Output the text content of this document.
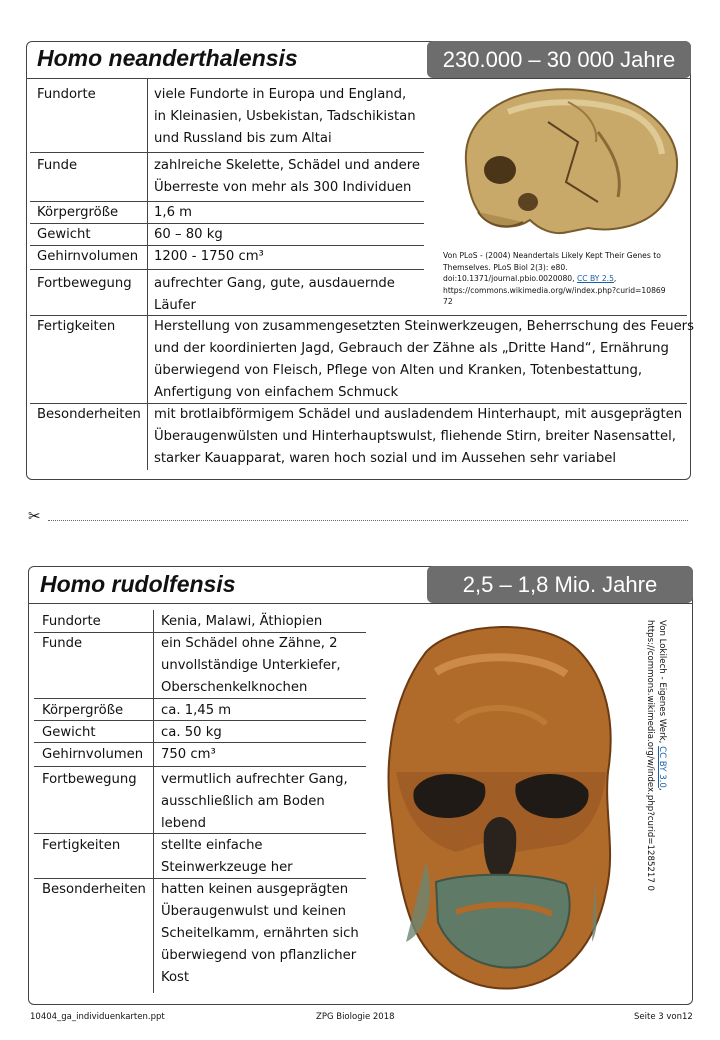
Homo neanderthalensis	230.000 – 30 000 Jahre
Fundorte	viele Fundorte in Europa und England,
in Kleinasien, Usbekistan, Tadschikistan
und Russland bis zum Altai
Funde	zahlreiche Skelette, Schädel und andere
Überreste von mehr als 300 Individuen
Körpergröße	1,6 m
Gewicht	60 – 80 kg
Gehirnvolumen 1200 - 1750 cm³
Fortbewegung aufrechter Gang, gute, ausdauernde
Läufer
Fertigkeiten	Herstellung von zusammengesetzten Steinwerkzeugen, Beherrschung des Feuers
und der koordinierten Jagd, Gebrauch der Zähne als „Dritte Hand“, Ernährung
überwiegend von Fleisch, Pflege von Alten und Kranken, Totenbestattung,
Anfertigung von einfachem Schmuck
Besonderheiten mit brotlaibförmigem Schädel und ausladendem Hinterhaupt, mit ausgeprägten
Überaugenwülsten und Hinterhauptswulst, fliehende Stirn, breiter Nasensattel,
starker Kauapparat, waren hoch sozial und im Aussehen sehr variabel
Von PLoS - (2004) Neandertals Likely Kept Their Genes to
Themselves. PLoS Biol 2(3): e80.
doi:10.1371/journal.pbio.0020080, CC BY 2.5,
https://commons.wikimedia.org/w/index.php?curid=10869
72
✂
Homo rudolfensis	2,5 – 1,8 Mio. Jahre
Fundorte	Kenia, Malawi, Äthiopien
Funde	ein Schädel ohne Zähne, 2
unvollständige Unterkiefer,
Oberschenkelknochen
Körpergröße	ca. 1,45 m
Gewicht	ca. 50 kg
Gehirnvolumen 750 cm³
Fortbewegung vermutlich aufrechter Gang,
ausschließlich am Boden
lebend
Fertigkeiten	stellte einfache
Steinwerkzeuge her
Besonderheiten hatten keinen ausgeprägten
Überaugenwulst und keinen
Scheitelkamm, ernährten sich
überwiegend von pflanzlicher
Kost
Von Lokilech - Eigenes Werk, CC BY 3.0,
https://commons.wikimedia.org/w/index.php?curid=1285217 0
10404_ga_individuenkarten.ppt	ZPG Biologie 2018	Seite 3 von12
